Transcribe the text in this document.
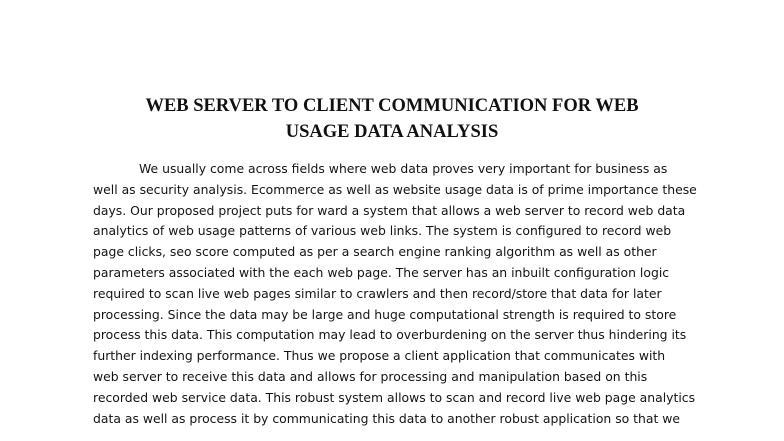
WEB SERVER TO CLIENT COMMUNICATION FOR WEB
USAGE DATA ANALYSIS
We usually come across fields where web data proves very important for business as
well as security analysis. Ecommerce as well as website usage data is of prime importance these
days. Our proposed project puts for ward a system that allows a web server to record web data
analytics of web usage patterns of various web links. The system is configured to record web
page clicks, seo score computed as per a search engine ranking algorithm as well as other
parameters associated with the each web page. The server has an inbuilt configuration logic
required to scan live web pages similar to crawlers and then record/store that data for later
processing. Since the data may be large and huge computational strength is required to store
process this data. This computation may lead to overburdening on the server thus hindering its
further indexing performance. Thus we propose a client application that communicates with
web server to receive this data and allows for processing and manipulation based on this
recorded web service data. This robust system allows to scan and record live web page analytics
data as well as process it by communicating this data to another robust application so that we
